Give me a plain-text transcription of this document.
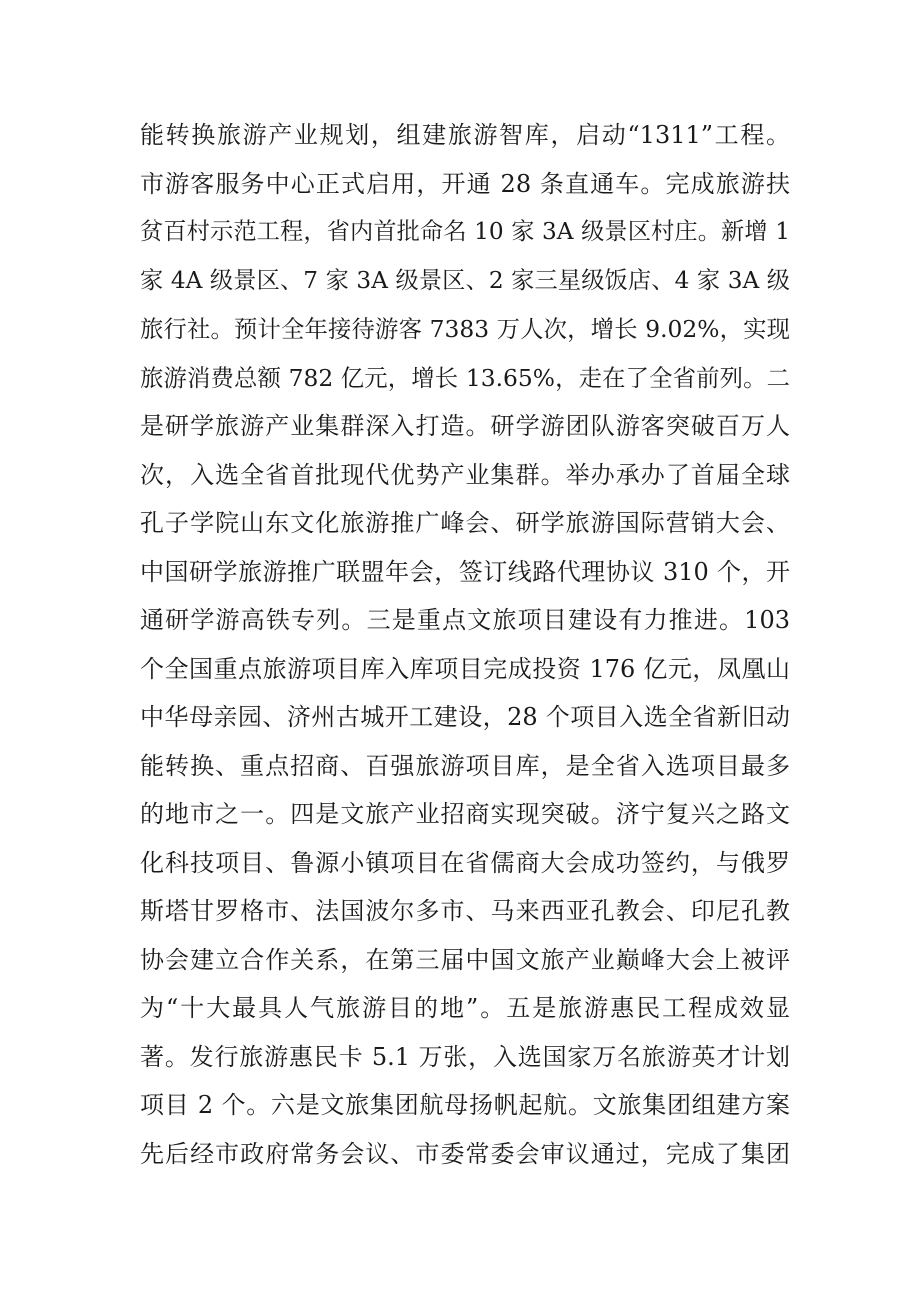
能转换旅游产业规划，组建旅游智库，启动“1311”工程。
市游客服务中心正式启用，开通 28 条直通车。完成旅游扶
贫百村示范工程，省内首批命名 10 家 3A 级景区村庄。新增 1
家 4A 级景区、7 家 3A 级景区、2 家三星级饭店、4 家 3A 级
旅行社。预计全年接待游客 7383 万人次，增长 9.02%，实现
旅游消费总额 782 亿元，增长 13.65%，走在了全省前列。二
是研学旅游产业集群深入打造。研学游团队游客突破百万人
次，入选全省首批现代优势产业集群。举办承办了首届全球
孔子学院山东文化旅游推广峰会、研学旅游国际营销大会、
中国研学旅游推广联盟年会，签订线路代理协议 310 个，开
通研学游高铁专列。三是重点文旅项目建设有力推进。103
个全国重点旅游项目库入库项目完成投资 176 亿元，凤凰山
中华母亲园、济州古城开工建设，28 个项目入选全省新旧动
能转换、重点招商、百强旅游项目库，是全省入选项目最多
的地市之一。四是文旅产业招商实现突破。济宁复兴之路文
化科技项目、鲁源小镇项目在省儒商大会成功签约，与俄罗
斯塔甘罗格市、法国波尔多市、马来西亚孔教会、印尼孔教
协会建立合作关系，在第三届中国文旅产业巅峰大会上被评
为“十大最具人气旅游目的地”。五是旅游惠民工程成效显
著。发行旅游惠民卡 5.1 万张，入选国家万名旅游英才计划
项目 2 个。六是文旅集团航母扬帆起航。文旅集团组建方案
先后经市政府常务会议、市委常委会审议通过，完成了集团
